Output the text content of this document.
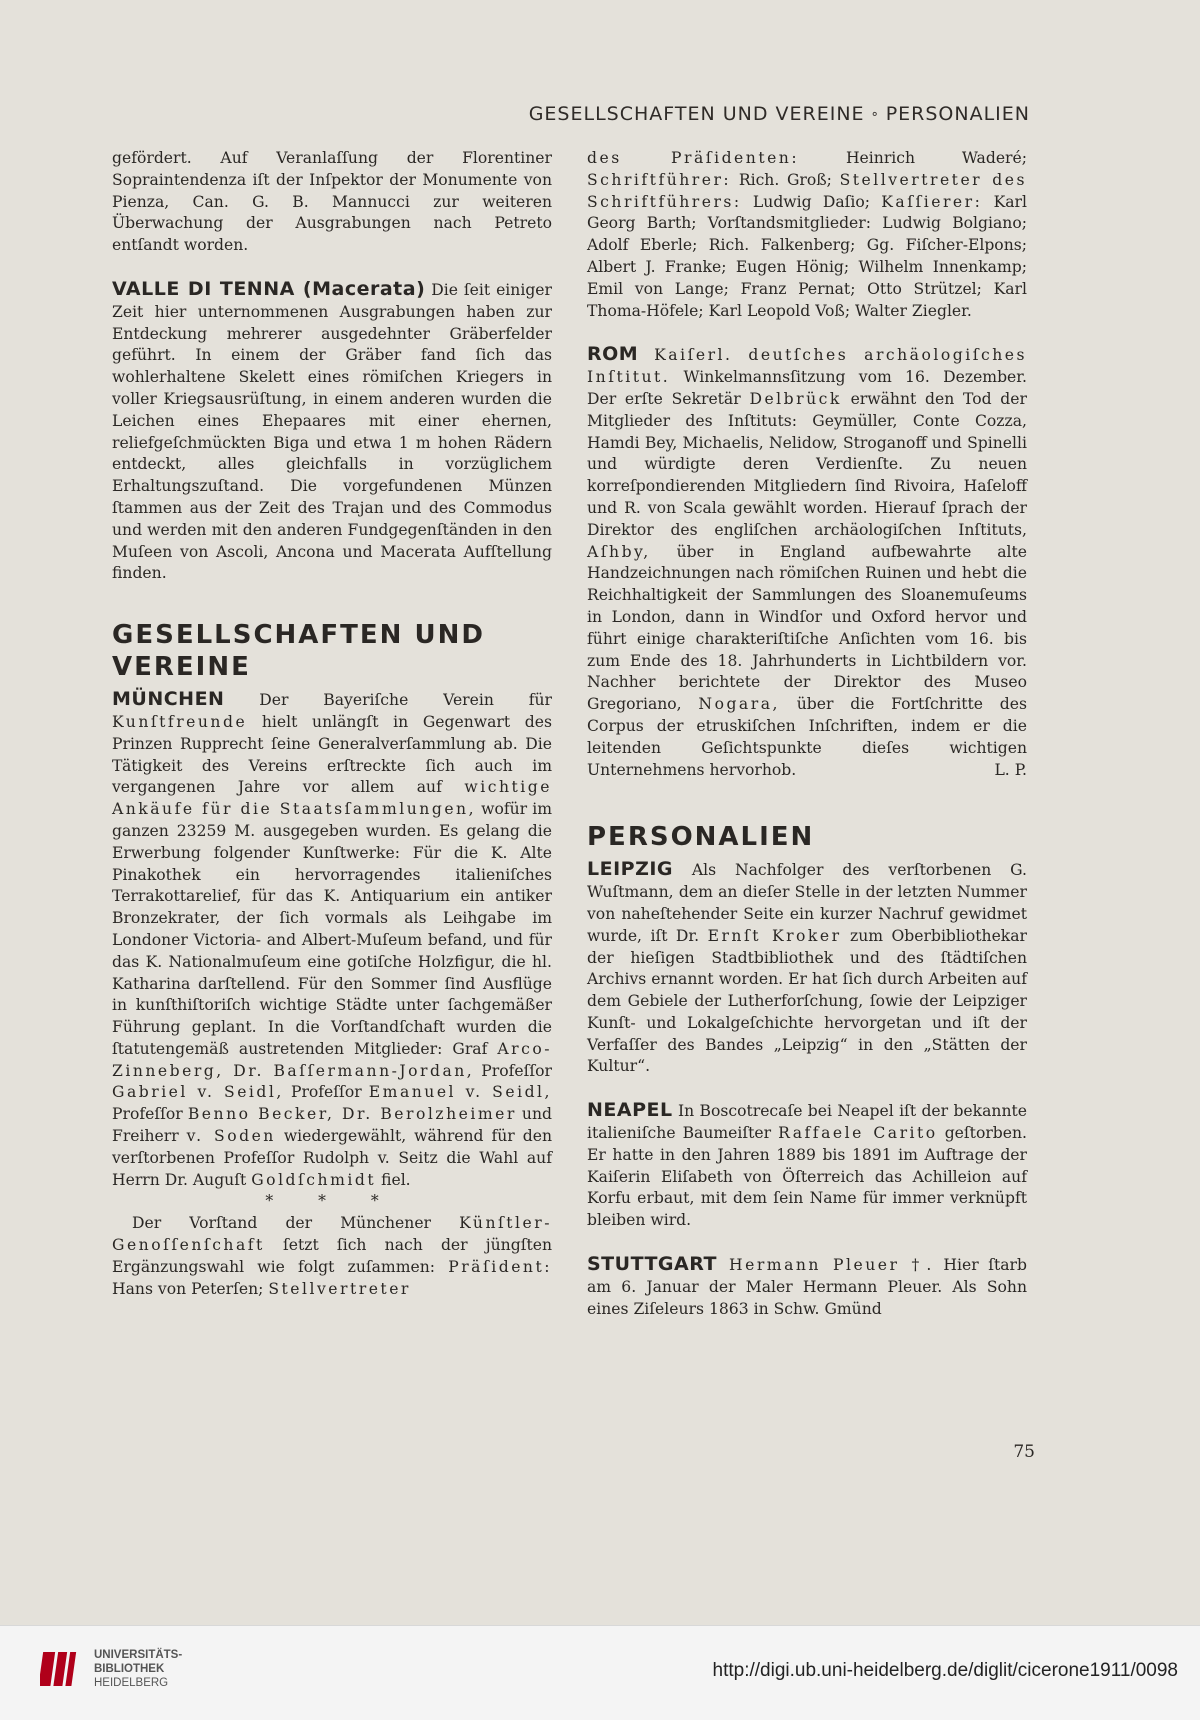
GESELLSCHAFTEN UND VEREINE ∘ PERSONALIEN

gefördert. Auf Veranlaſſung der Florentiner Sopraintendenza iſt der Inſpektor der Monumente von Pienza, Can. G. B. Mannucci zur weiteren Überwachung der Ausgrabungen nach Petreto entſandt worden.

VALLE DI TENNA (Macerata) Die ſeit einiger Zeit hier unternommenen Ausgrabungen haben zur Entdeckung mehrerer ausgedehnter Gräberfelder geführt. In einem der Gräber fand ſich das wohlerhaltene Skelett eines römiſchen Kriegers in voller Kriegsausrüſtung, in einem anderen wurden die Leichen eines Ehepaares mit einer ehernen, reliefgeſchmückten Biga und etwa 1 m hohen Rädern entdeckt, alles gleichfalls in vorzüglichem Erhaltungszuſtand. Die vorgefundenen Münzen ſtammen aus der Zeit des Trajan und des Commodus und werden mit den anderen Fundgegenſtänden in den Muſeen von Ascoli, Ancona und Macerata Aufſtellung finden.

GESELLSCHAFTEN UND VEREINE

MÜNCHEN Der Bayeriſche Verein für Kunſtfreunde hielt unlängſt in Gegenwart des Prinzen Rupprecht ſeine Generalverſammlung ab. Die Tätigkeit des Vereins erſtreckte ſich auch im vergangenen Jahre vor allem auf wichtige Ankäufe für die Staatsſammlungen, wofür im ganzen 23259 M. ausgegeben wurden. Es gelang die Erwerbung folgender Kunſtwerke: Für die K. Alte Pinakothek ein hervorragendes italieniſches Terrakottarelief, für das K. Antiquarium ein antiker Bronzekrater, der ſich vormals als Leihgabe im Londoner Victoria- and Albert-Muſeum befand, und für das K. Nationalmuſeum eine gotiſche Holzfigur, die hl. Katharina darſtellend. Für den Sommer ſind Ausflüge in kunſthiſtoriſch wichtige Städte unter ſachgemäßer Führung geplant. In die Vorſtandſchaft wurden die ſtatutengemäß austretenden Mitglieder: Graf Arco-Zinneberg, Dr. Baſſermann-Jordan, Profeſſor Gabriel v. Seidl, Profeſſor Emanuel v. Seidl, Profeſſor Benno Becker, Dr. Berolzheimer und Freiherr v. Soden wiedergewählt, während für den verſtorbenen Profeſſor Rudolph v. Seitz die Wahl auf Herrn Dr. Auguſt Goldſchmidt fiel.

* * *

Der Vorſtand der Münchener Künſtler-Genoſſenſchaft ſetzt ſich nach der jüngſten Ergänzungswahl wie folgt zuſammen: Präſident: Hans von Peterſen; Stellvertreter

des Präſidenten: Heinrich Waderé; Schriftführer: Rich. Groß; Stellvertreter des Schriftführers: Ludwig Daſio; Kaſſierer: Karl Georg Barth; Vorſtandsmitglieder: Ludwig Bolgiano; Adolf Eberle; Rich. Falkenberg; Gg. Fiſcher-Elpons; Albert J. Franke; Eugen Hönig; Wilhelm Innenkamp; Emil von Lange; Franz Pernat; Otto Strützel; Karl Thoma-Höfele; Karl Leopold Voß; Walter Ziegler.

ROM Kaiſerl. deutſches archäologiſches Inſtitut. Winkelmannsſitzung vom 16. Dezember. Der erſte Sekretär Delbrück erwähnt den Tod der Mitglieder des Inſtituts: Geymüller, Conte Cozza, Hamdi Bey, Michaelis, Nelidow, Stroganoff und Spinelli und würdigte deren Verdienſte. Zu neuen korreſpondierenden Mitgliedern ſind Rivoira, Haſeloff und R. von Scala gewählt worden. Hierauf ſprach der Direktor des engliſchen archäologiſchen Inſtituts, Aſhby, über in England aufbewahrte alte Handzeichnungen nach römiſchen Ruinen und hebt die Reichhaltigkeit der Sammlungen des Sloanemuſeums in London, dann in Windſor und Oxford hervor und führt einige charakteriſtiſche Anſichten vom 16. bis zum Ende des 18. Jahrhunderts in Lichtbildern vor. Nachher berichtete der Direktor des Museo Gregoriano, Nogara, über die Fortſchritte des Corpus der etruskiſchen Inſchriften, indem er die leitenden Geſichtspunkte dieſes wichtigen Unternehmens hervorhob.	L. P.

PERSONALIEN

LEIPZIG Als Nachfolger des verſtorbenen G. Wuſtmann, dem an dieſer Stelle in der letzten Nummer von naheſtehender Seite ein kurzer Nachruf gewidmet wurde, iſt Dr. Ernſt Kroker zum Oberbibliothekar der hieſigen Stadtbibliothek und des ſtädtiſchen Archivs ernannt worden. Er hat ſich durch Arbeiten auf dem Gebiele der Lutherforſchung, ſowie der Leipziger Kunſt- und Lokalgeſchichte hervorgetan und iſt der Verfaſſer des Bandes „Leipzig“ in den „Stätten der Kultur“.

NEAPEL In Boscotrecaſe bei Neapel iſt der bekannte italieniſche Baumeiſter Raffaele Carito geſtorben. Er hatte in den Jahren 1889 bis 1891 im Auftrage der Kaiſerin Eliſabeth von Öſterreich das Achilleion auf Korfu erbaut, mit dem ſein Name für immer verknüpft bleiben wird.

STUTTGART Hermann Pleuer †. Hier ſtarb am 6. Januar der Maler Hermann Pleuer. Als Sohn eines Ziſeleurs 1863 in Schw. Gmünd

75
UNIVERSITÄTS-
BIBLIOTHEK
HEIDELBERG
http://digi.ub.uni-heidelberg.de/diglit/cicerone1911/0098
